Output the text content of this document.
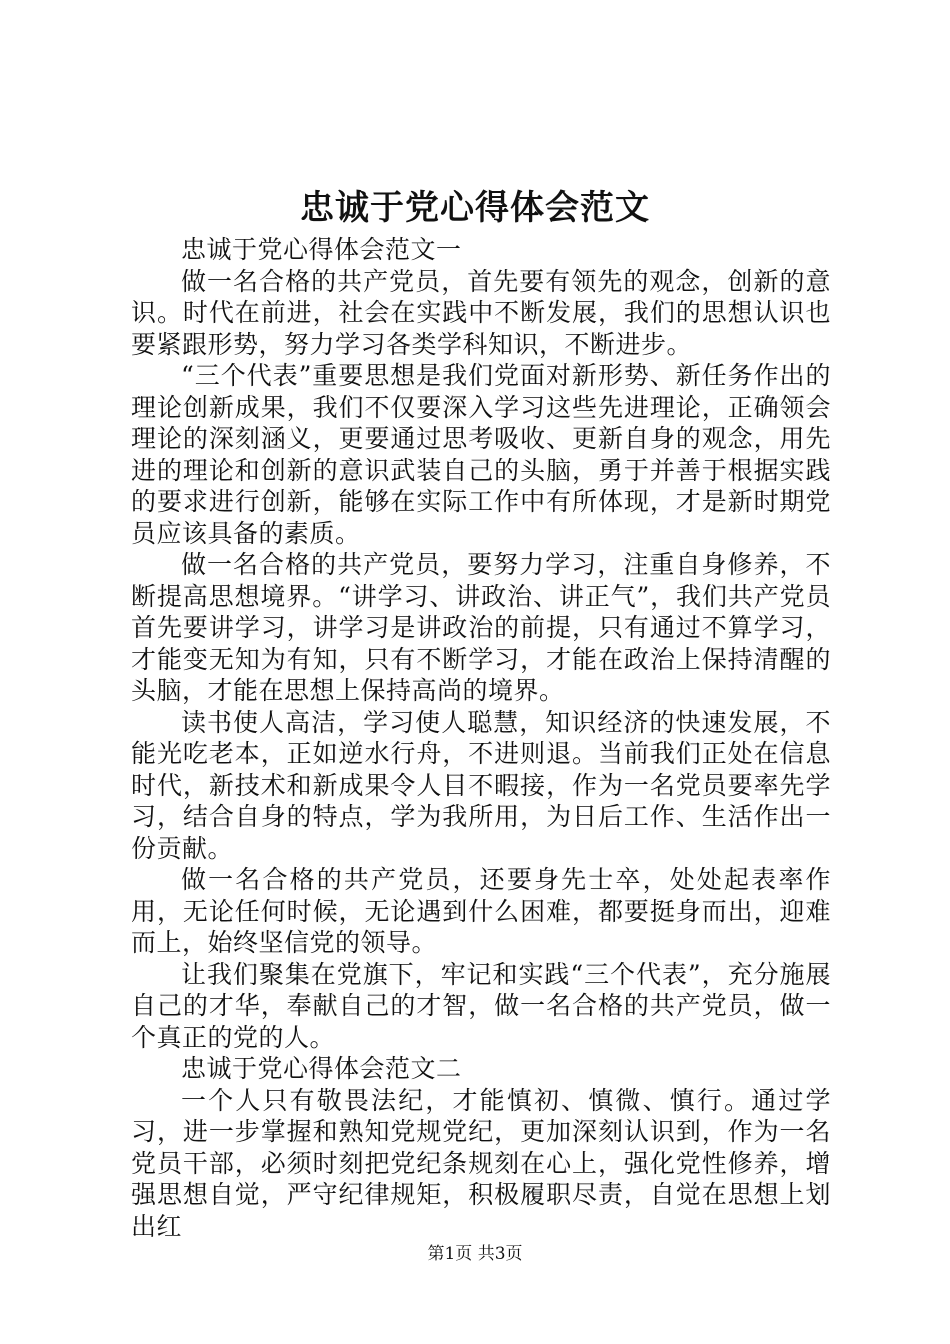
忠诚于党心得体会范文

忠诚于党心得体会范文一

做一名合格的共产党员，首先要有领先的观念，创新的意识。时代在前进，社会在实践中不断发展，我们的思想认识也要紧跟形势，努力学习各类学科知识，不断进步。

“三个代表”重要思想是我们党面对新形势、新任务作出的理论创新成果，我们不仅要深入学习这些先进理论，正确领会理论的深刻涵义，更要通过思考吸收、更新自身的观念，用先进的理论和创新的意识武装自己的头脑，勇于并善于根据实践的要求进行创新，能够在实际工作中有所体现，才是新时期党员应该具备的素质。

做一名合格的共产党员，要努力学习，注重自身修养，不断提高思想境界。“讲学习、讲政治、讲正气”，我们共产党员首先要讲学习，讲学习是讲政治的前提，只有通过不算学习，才能变无知为有知，只有不断学习，才能在政治上保持清醒的头脑，才能在思想上保持高尚的境界。

读书使人高洁，学习使人聪慧，知识经济的快速发展，不能光吃老本，正如逆水行舟，不进则退。当前我们正处在信息时代，新技术和新成果令人目不暇接，作为一名党员要率先学习，结合自身的特点，学为我所用，为日后工作、生活作出一份贡献。

做一名合格的共产党员，还要身先士卒，处处起表率作用，无论任何时候，无论遇到什么困难，都要挺身而出，迎难而上，始终坚信党的领导。

让我们聚集在党旗下，牢记和实践“三个代表”，充分施展自己的才华，奉献自己的才智，做一名合格的共产党员，做一个真正的党的人。

忠诚于党心得体会范文二

一个人只有敬畏法纪，才能慎初、慎微、慎行。通过学习，进一步掌握和熟知党规党纪，更加深刻认识到，作为一名党员干部，必须时刻把党纪条规刻在心上，强化党性修养，增强思想自觉，严守纪律规矩，积极履职尽责，自觉在思想上划出红

第1页 共3页
